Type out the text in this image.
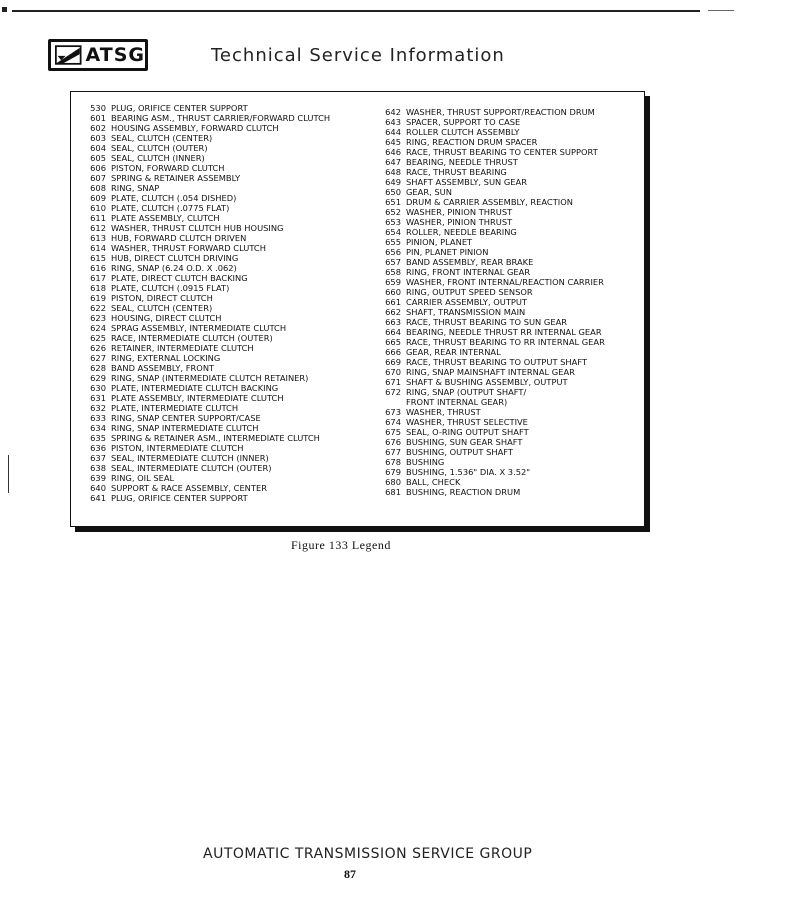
ATSG	Technical Service Information
530 PLUG, ORIFICE CENTER SUPPORT
601 BEARING ASM., THRUST CARRIER/FORWARD CLUTCH
602 HOUSING ASSEMBLY, FORWARD CLUTCH
603 SEAL, CLUTCH (CENTER)
604 SEAL, CLUTCH (OUTER)
605 SEAL, CLUTCH (INNER)
606 PISTON, FORWARD CLUTCH
607 SPRING & RETAINER ASSEMBLY
608 RING, SNAP
609 PLATE, CLUTCH (.054 DISHED)
610 PLATE, CLUTCH (.0775 FLAT)
611 PLATE ASSEMBLY, CLUTCH
612 WASHER, THRUST CLUTCH HUB HOUSING
613 HUB, FORWARD CLUTCH DRIVEN
614 WASHER, THRUST FORWARD CLUTCH
615 HUB, DIRECT CLUTCH DRIVING
616 RING, SNAP (6.24 O.D. X .062)
617 PLATE, DIRECT CLUTCH BACKING
618 PLATE, CLUTCH (.0915 FLAT)
619 PISTON, DIRECT CLUTCH
622 SEAL, CLUTCH (CENTER)
623 HOUSING, DIRECT CLUTCH
624 SPRAG ASSEMBLY, INTERMEDIATE CLUTCH
625 RACE, INTERMEDIATE CLUTCH (OUTER)
626 RETAINER, INTERMEDIATE CLUTCH
627 RING, EXTERNAL LOCKING
628 BAND ASSEMBLY, FRONT
629 RING, SNAP (INTERMEDIATE CLUTCH RETAINER)
630 PLATE, INTERMEDIATE CLUTCH BACKING
631 PLATE ASSEMBLY, INTERMEDIATE CLUTCH
632 PLATE, INTERMEDIATE CLUTCH
633 RING, SNAP CENTER SUPPORT/CASE
634 RING, SNAP INTERMEDIATE CLUTCH
635 SPRING & RETAINER ASM., INTERMEDIATE CLUTCH
636 PISTON, INTERMEDIATE CLUTCH
637 SEAL, INTERMEDIATE CLUTCH (INNER)
638 SEAL, INTERMEDIATE CLUTCH (OUTER)
639 RING, OIL SEAL
640 SUPPORT & RACE ASSEMBLY, CENTER
641 PLUG, ORIFICE CENTER SUPPORT
642 WASHER, THRUST SUPPORT/REACTION DRUM
643 SPACER, SUPPORT TO CASE
644 ROLLER CLUTCH ASSEMBLY
645 RING, REACTION DRUM SPACER
646 RACE, THRUST BEARING TO CENTER SUPPORT
647 BEARING, NEEDLE THRUST
648 RACE, THRUST BEARING
649 SHAFT ASSEMBLY, SUN GEAR
650 GEAR, SUN
651 DRUM & CARRIER ASSEMBLY, REACTION
652 WASHER, PINION THRUST
653 WASHER, PINION THRUST
654 ROLLER, NEEDLE BEARING
655 PINION, PLANET
656 PIN, PLANET PINION
657 BAND ASSEMBLY, REAR BRAKE
658 RING, FRONT INTERNAL GEAR
659 WASHER, FRONT INTERNAL/REACTION CARRIER
660 RING, OUTPUT SPEED SENSOR
661 CARRIER ASSEMBLY, OUTPUT
662 SHAFT, TRANSMISSION MAIN
663 RACE, THRUST BEARING TO SUN GEAR
664 BEARING, NEEDLE THRUST RR INTERNAL GEAR
665 RACE, THRUST BEARING TO RR INTERNAL GEAR
666 GEAR, REAR INTERNAL
669 RACE, THRUST BEARING TO OUTPUT SHAFT
670 RING, SNAP MAINSHAFT INTERNAL GEAR
671 SHAFT & BUSHING ASSEMBLY, OUTPUT
672 RING, SNAP (OUTPUT SHAFT/
FRONT INTERNAL GEAR)
673 WASHER, THRUST
674 WASHER, THRUST SELECTIVE
675 SEAL, O-RING OUTPUT SHAFT
676 BUSHING, SUN GEAR SHAFT
677 BUSHING, OUTPUT SHAFT
678 BUSHING
679 BUSHING, 1.536" DIA. X 3.52"
680 BALL, CHECK
681 BUSHING, REACTION DRUM
Figure 133 Legend
AUTOMATIC TRANSMISSION SERVICE GROUP
87
